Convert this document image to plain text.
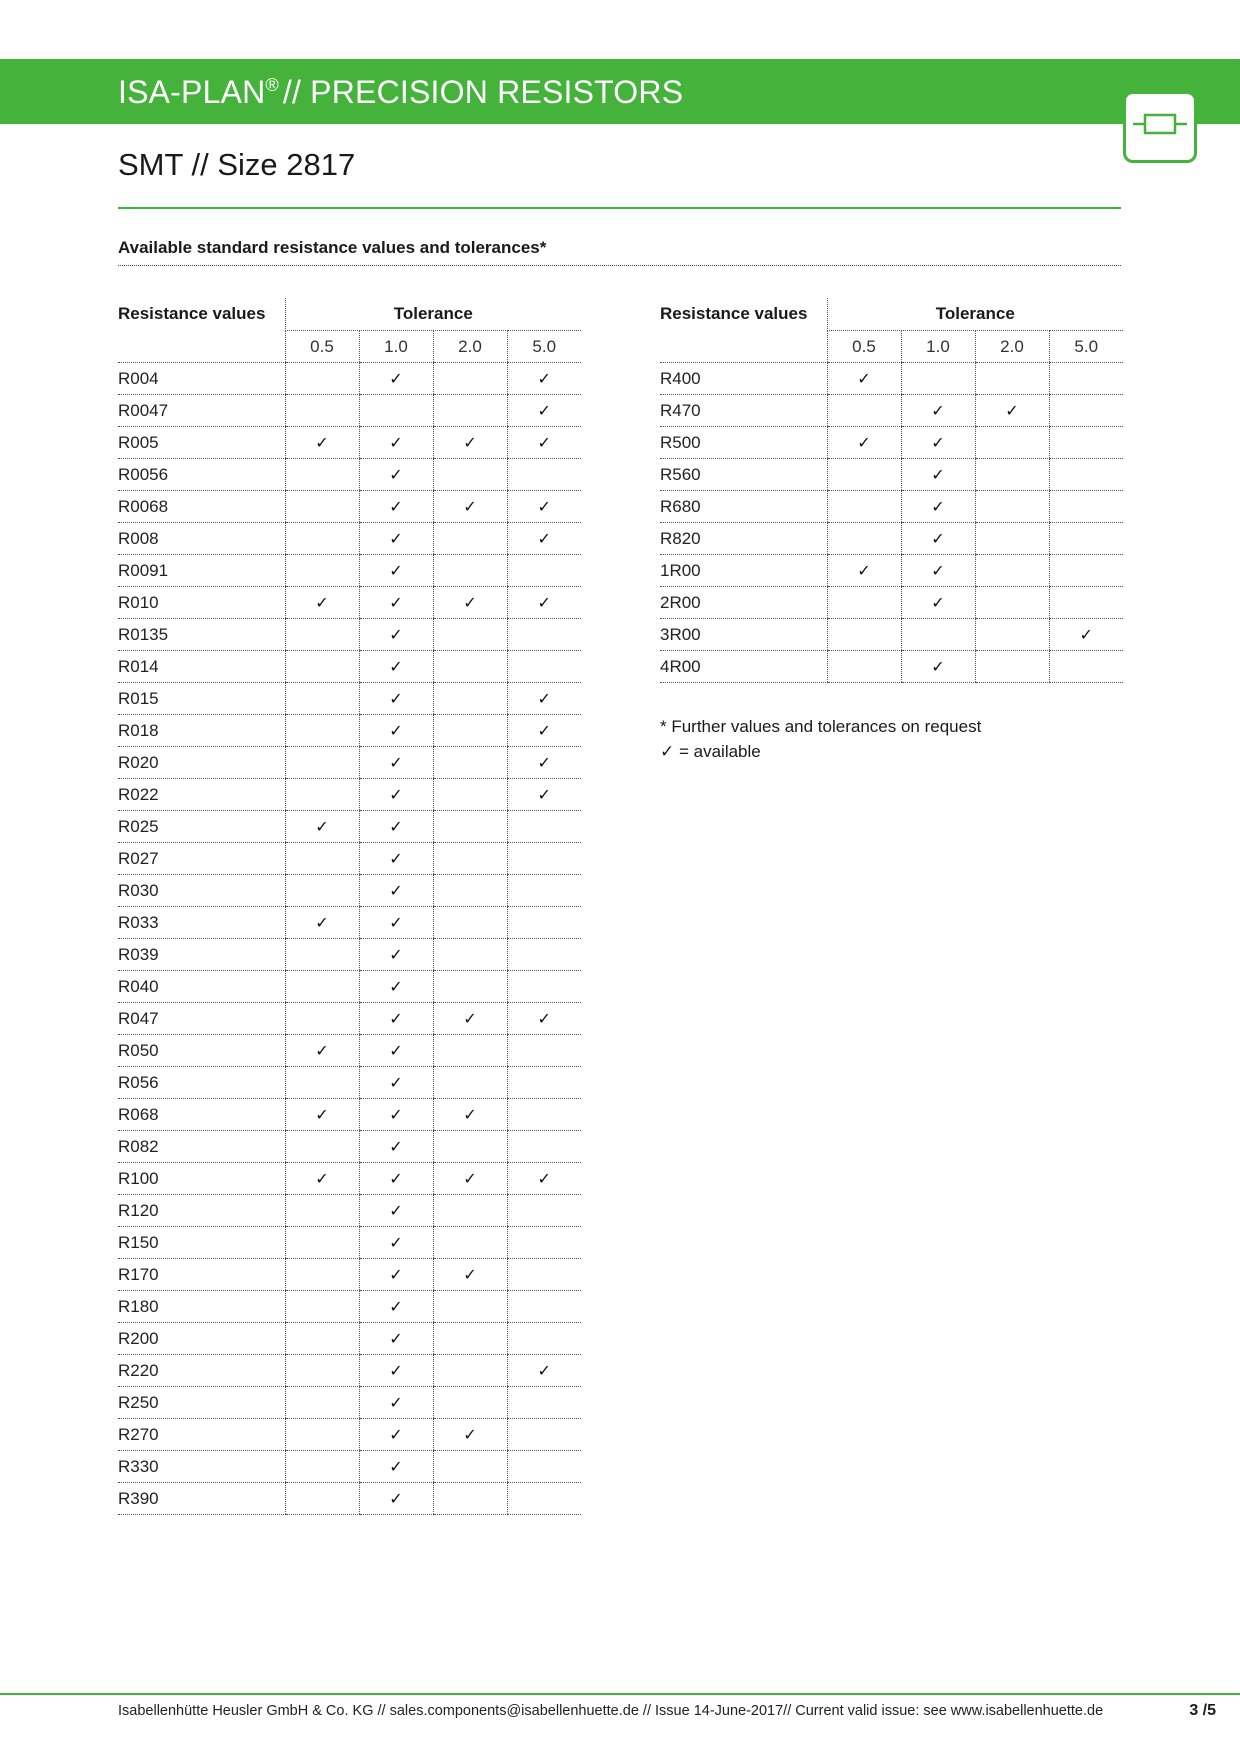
ISA-PLAN® // PRECISION RESISTORS
SMT // Size 2817
Available standard resistance values and tolerances*
Resistance values	Tolerance			
	0.5	1.0	2.0	5.0
R004		✓		✓
R0047				✓
R005	✓	✓	✓	✓
R0056		✓		
R0068		✓	✓	✓
R008		✓		✓
R0091		✓		
R010	✓	✓	✓	✓
R0135		✓		
R014		✓		
R015		✓		✓
R018		✓		✓
R020		✓		✓
R022		✓		✓
R025	✓	✓		
R027		✓		
R030		✓		
R033	✓	✓		
R039		✓		
R040		✓		
R047		✓	✓	✓
R050	✓	✓		
R056		✓		
R068	✓	✓	✓	
R082		✓		
R100	✓	✓	✓	✓
R120		✓		
R150		✓		
R170		✓	✓	
R180		✓		
R200		✓		
R220		✓		✓
R250		✓		
R270		✓	✓	
R330		✓		
R390		✓		
Resistance values	Tolerance			
	0.5	1.0	2.0	5.0
R400	✓			
R470		✓	✓	
R500	✓	✓		
R560		✓		
R680		✓		
R820		✓		
1R00	✓	✓		
2R00		✓		
3R00				✓
4R00		✓		
* Further values and tolerances on request
✓ = available
Isabellenhütte Heusler GmbH & Co. KG // sales.components@isabellenhuette.de // Issue 14-June-2017// Current valid issue: see www.isabellenhuette.de	3 /5
